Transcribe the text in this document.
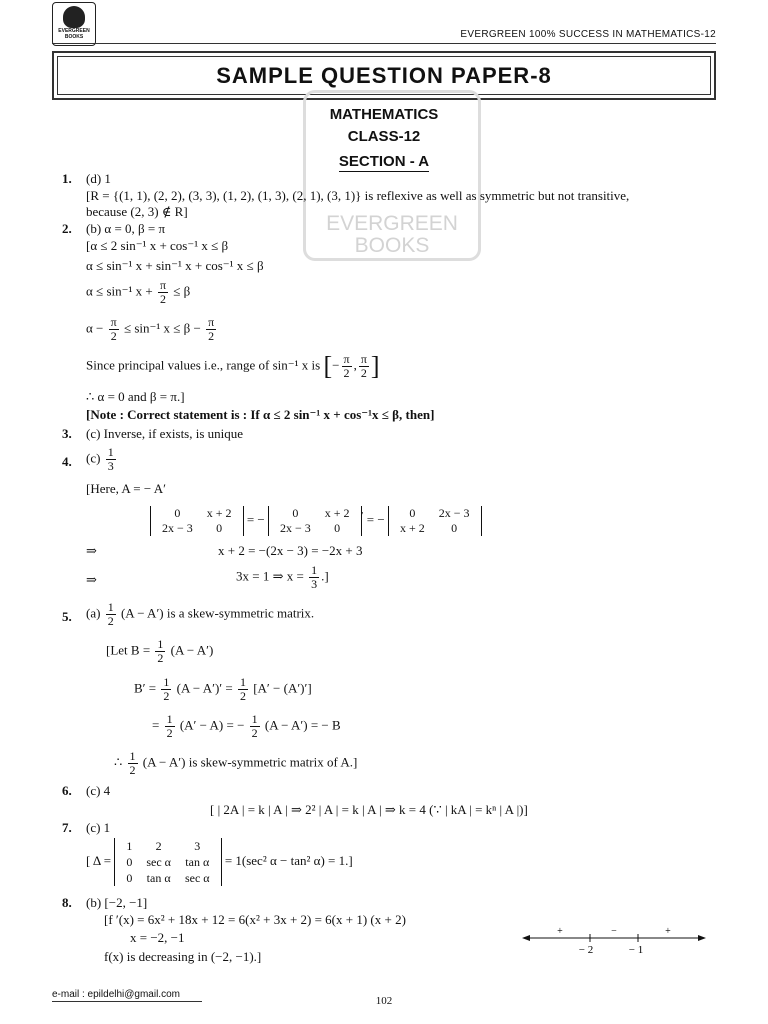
EVERGREEN BOOKS	EVERGREEN 100% SUCCESS IN MATHEMATICS-12
SAMPLE QUESTION PAPER-8
EVERGREEN
BOOKS
MATHEMATICS
CLASS-12
SECTION - A
1. (d) 1
[R = {(1, 1), (2, 2), (3, 3), (1, 2), (1, 3), (2, 1), (3, 1)} is reflexive as well as symmetric but not transitive,
because (2, 3) ∉ R]
2. (b) α = 0, β = π
[α ≤ 2 sin⁻¹ x + cos⁻¹ x ≤ β
α ≤ sin⁻¹ x + sin⁻¹ x + cos⁻¹ x ≤ β
α ≤ sin⁻¹ $x + \frac{\pi}{2} \le \beta$
$\alpha - \frac{\pi}{2} \le \sin^{-1}$ $x \le \beta - \frac{\pi}{2}$
Since principal values i.e., range of sin⁻¹ x is [− $\frac{\pi}{2}$ , $\frac{\pi}{2}$ ]
∴ α = 0 and β = π.]
[Note : Correct statement is : If α ≤ 2 sin⁻¹ x + cos⁻¹x ≤ β, then]
3. (c) Inverse, if exists, is unique
4. $(c) \frac{1}{3}$
[Here, A = − A′
0	x + 2
2x − 3	0
= − 0	x + 2
2x − 3	0
′ = − 0	2x − 3
x + 2	0
⇒	x + 2 = −(2x − 3) = −2x + 3
⇒	3x = 1 ⇒ $x = \frac{1}{3}$ .]
5. $(a) \frac{1}{2} (A - A')$ is a skew-symmetric matrix.
[Let $B = \frac{1}{2} (A - A')$
$B' = \frac{1}{2} (A - A')' = \frac{1}{2} [A' - (A')']$
= $\frac{1}{2} (A' - A)$ = − $\frac{1}{2} (A - A')$ = − B
∴ $\frac{1}{2} (A - A')$ is skew-symmetric matrix of A.]
6. (c) 4
[ | 2A | = k | A | ⇒ 2² | A | = k | A | ⇒ k = 4 (∵ | kA | = kⁿ | A |)]
7. (c) 1
[ Δ =
1	2	3
0	sec α	tan α
0	tan α	sec α
= 1(sec² α − tan² α) = 1.]
8. (b) [−2, −1]
[f ′(x) = 6x² + 18x + 12 = 6(x² + 3x + 2) = 6(x + 1) (x + 2)
x = −2, −1
f(x) is decreasing in (−2, −1).]
+	−	+
− 2	− 1
e-mail : epildelhi@gmail.com
102
